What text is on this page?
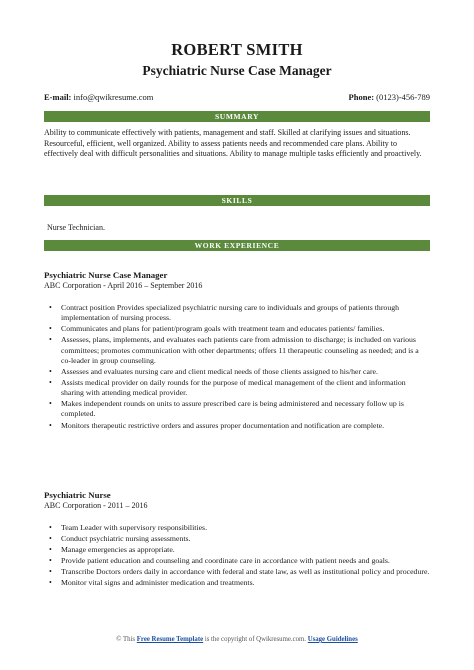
ROBERT SMITH
Psychiatric Nurse Case Manager
E-mail: info@qwikresume.com	Phone: (0123)-456-789
SUMMARY
Ability to communicate effectively with patients, management and staff. Skilled at clarifying issues and situations. Resourceful, efficient, well organized. Ability to assess patients needs and recommended care plans. Ability to effectively deal with difficult personalities and situations. Ability to manage multiple tasks efficiently and proactively.
SKILLS
Nurse Technician.
WORK EXPERIENCE
Psychiatric Nurse Case Manager
ABC Corporation - April 2016 – September 2016
• Contract position Provides specialized psychiatric nursing care to individuals and groups of patients through implementation of nursing process.
• Communicates and plans for patient/program goals with treatment team and educates patients/ families.
• Assesses, plans, implements, and evaluates each patients care from admission to discharge; is included on various committees; promotes communication with other departments; offers 11 therapeutic counseling as needed; and is a co-leader in group counseling.
• Assesses and evaluates nursing care and client medical needs of those clients assigned to his/her care.
• Assists medical provider on daily rounds for the purpose of medical management of the client and information sharing with attending medical provider.
• Makes independent rounds on units to assure prescribed care is being administered and necessary follow up is completed.
• Monitors therapeutic restrictive orders and assures proper documentation and notification are complete.
Psychiatric Nurse
ABC Corporation - 2011 – 2016
• Team Leader with supervisory responsibilities.
• Conduct psychiatric nursing assessments.
• Manage emergencies as appropriate.
• Provide patient education and counseling and coordinate care in accordance with patient needs and goals.
• Transcribe Doctors orders daily in accordance with federal and state law, as well as institutional policy and procedure.
• Monitor vital signs and administer medication and treatments.
© This Free Resume Template is the copyright of Qwikresume.com. Usage Guidelines
